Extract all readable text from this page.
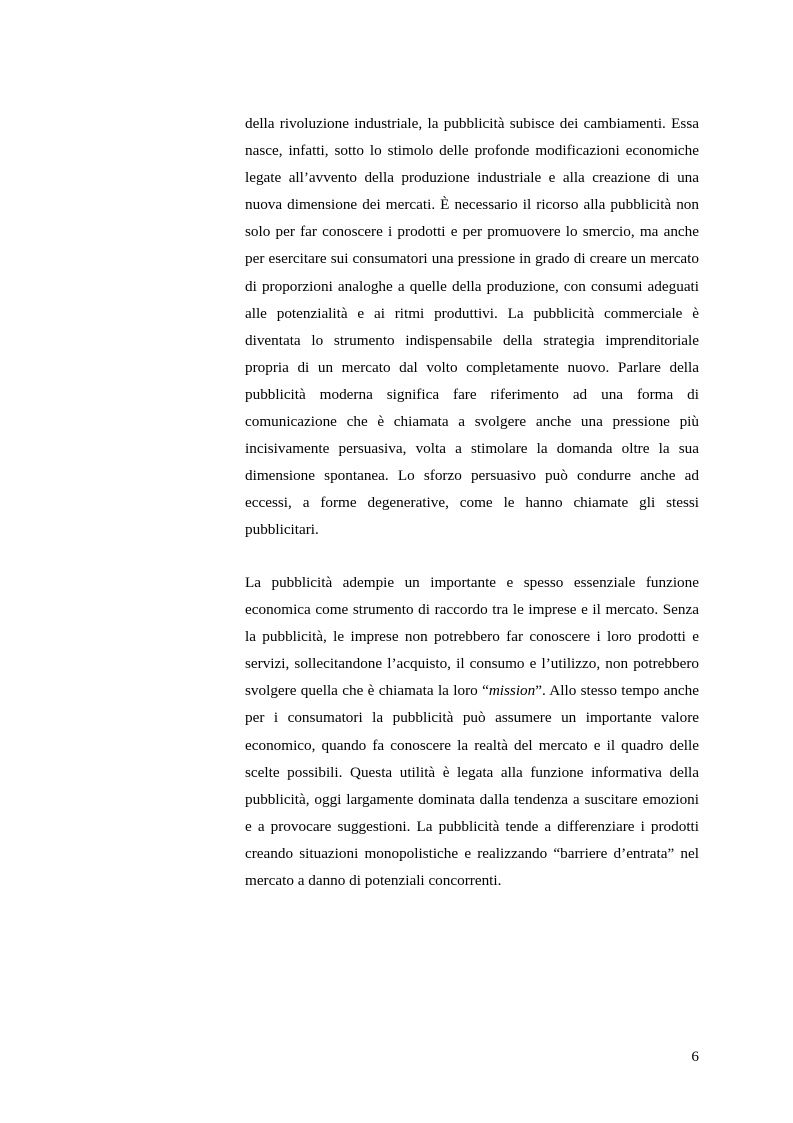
della rivoluzione industriale, la pubblicità subisce dei cambiamenti. Essa nasce, infatti, sotto lo stimolo delle profonde modificazioni economiche legate all’avvento della produzione industriale e alla creazione di una nuova dimensione dei mercati. È necessario il ricorso alla pubblicità non solo per far conoscere i prodotti e per promuovere lo smercio, ma anche per esercitare sui consumatori una pressione in grado di creare un mercato di proporzioni analoghe a quelle della produzione, con consumi adeguati alle potenzialità e ai ritmi produttivi. La pubblicità commerciale è diventata lo strumento indispensabile della strategia imprenditoriale propria di un mercato dal volto completamente nuovo. Parlare della pubblicità moderna significa fare riferimento ad una forma di comunicazione che è chiamata a svolgere anche una pressione più incisivamente persuasiva, volta a stimolare la domanda oltre la sua dimensione spontanea. Lo sforzo persuasivo può condurre anche ad eccessi, a forme degenerative, come le hanno chiamate gli stessi pubblicitari.

La pubblicità adempie un importante e spesso essenziale funzione economica come strumento di raccordo tra le imprese e il mercato. Senza la pubblicità, le imprese non potrebbero far conoscere i loro prodotti e servizi, sollecitandone l’acquisto, il consumo e l’utilizzo, non potrebbero svolgere quella che è chiamata la loro “mission”. Allo stesso tempo anche per i consumatori la pubblicità può assumere un importante valore economico, quando fa conoscere la realtà del mercato e il quadro delle scelte possibili. Questa utilità è legata alla funzione informativa della pubblicità, oggi largamente dominata dalla tendenza a suscitare emozioni e a provocare suggestioni. La pubblicità tende a differenziare i prodotti creando situazioni monopolistiche e realizzando “barriere d’entrata” nel mercato a danno di potenziali concorrenti.

6
